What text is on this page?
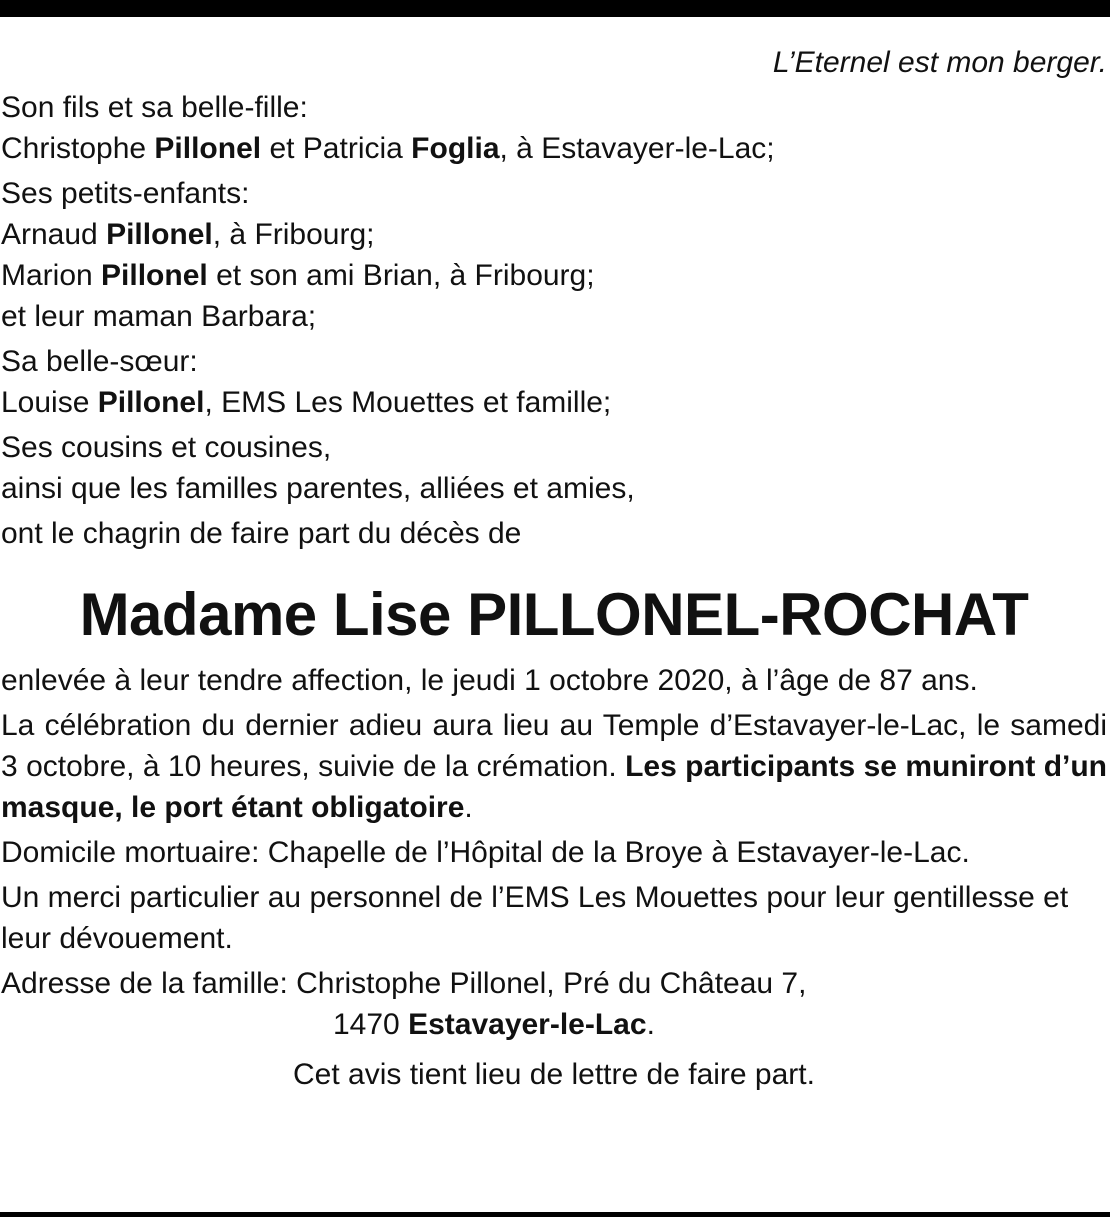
L’Eternel est mon berger.
Son fils et sa belle-fille:
Christophe Pillonel et Patricia Foglia, à Estavayer-le-Lac;
Ses petits-enfants:
Arnaud Pillonel, à Fribourg;
Marion Pillonel et son ami Brian, à Fribourg;
et leur maman Barbara;
Sa belle-sœur:
Louise Pillonel, EMS Les Mouettes et famille;
Ses cousins et cousines,
ainsi que les familles parentes, alliées et amies,
ont le chagrin de faire part du décès de
Madame Lise PILLONEL-ROCHAT
enlevée à leur tendre affection, le jeudi 1 octobre 2020, à l’âge de 87 ans.
La célébration du dernier adieu aura lieu au Temple d’Estavayer-le-Lac, le samedi 3 octobre, à 10 heures, suivie de la crémation. Les participants se muniront d’un masque, le port étant obligatoire.
Domicile mortuaire: Chapelle de l’Hôpital de la Broye à Estavayer-le-Lac.
Un merci particulier au personnel de l’EMS Les Mouettes pour leur gentillesse et leur dévouement.
Adresse de la famille: Christophe Pillonel, Pré du Château 7,
1470 Estavayer-le-Lac.
Cet avis tient lieu de lettre de faire part.
